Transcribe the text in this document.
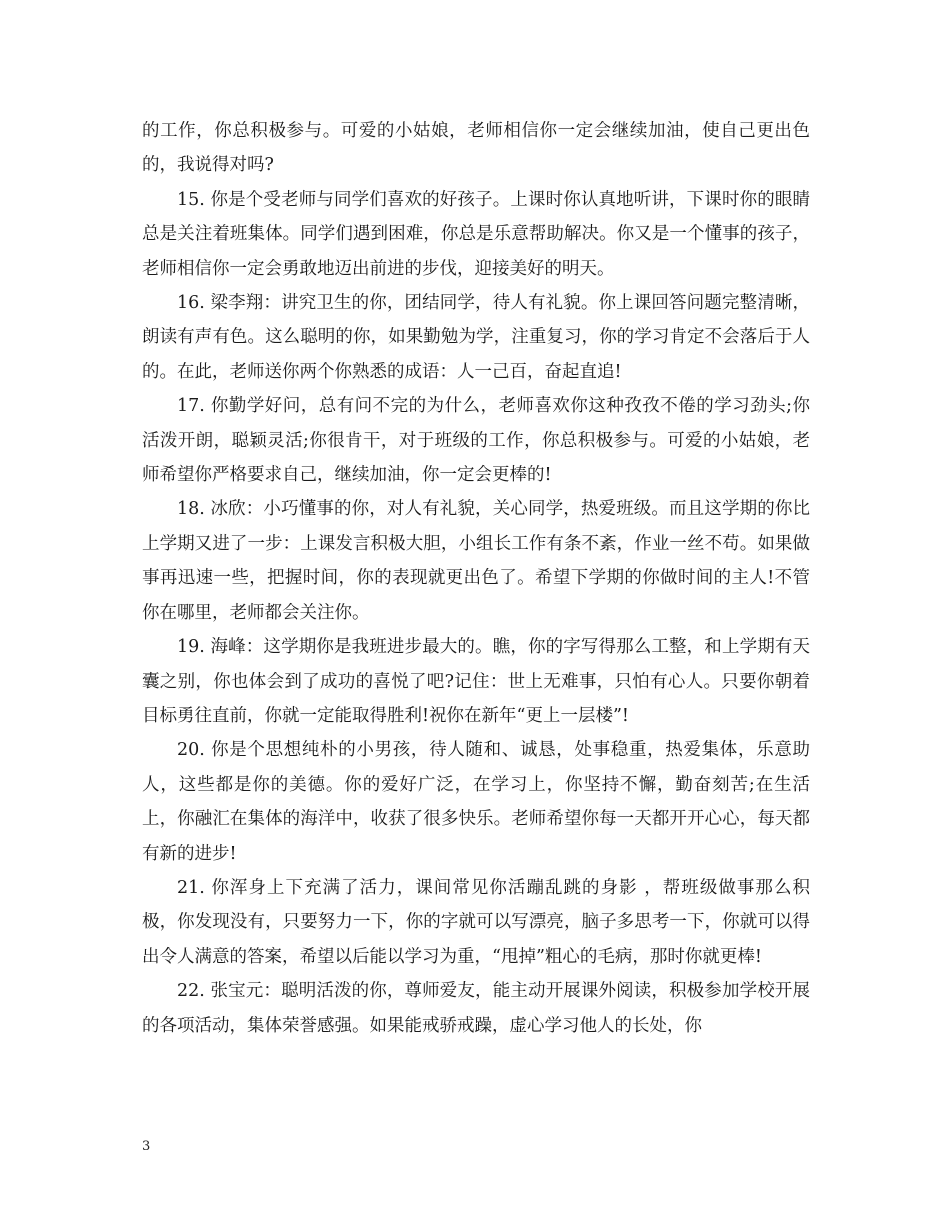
的工作，你总积极参与。可爱的小姑娘，老师相信你一定会继续加油，使自己更出色的，我说得对吗?

15. 你是个受老师与同学们喜欢的好孩子。上课时你认真地听讲，下课时你的眼睛总是关注着班集体。同学们遇到困难，你总是乐意帮助解决。你又是一个懂事的孩子，老师相信你一定会勇敢地迈出前进的步伐，迎接美好的明天。

16. 梁李翔：讲究卫生的你，团结同学，待人有礼貌。你上课回答问题完整清晰，朗读有声有色。这么聪明的你，如果勤勉为学，注重复习，你的学习肯定不会落后于人的。在此，老师送你两个你熟悉的成语：人一己百，奋起直追!

17. 你勤学好问，总有问不完的为什么，老师喜欢你这种孜孜不倦的学习劲头;你活泼开朗，聪颖灵活;你很肯干，对于班级的工作，你总积极参与。可爱的小姑娘，老师希望你严格要求自己，继续加油，你一定会更棒的!

18. 冰欣：小巧懂事的你，对人有礼貌，关心同学，热爱班级。而且这学期的你比上学期又进了一步：上课发言积极大胆，小组长工作有条不紊，作业一丝不苟。如果做事再迅速一些，把握时间，你的表现就更出色了。希望下学期的你做时间的主人!不管你在哪里，老师都会关注你。

19. 海峰：这学期你是我班进步最大的。瞧，你的字写得那么工整，和上学期有天囊之别，你也体会到了成功的喜悦了吧?记住：世上无难事，只怕有心人。只要你朝着目标勇往直前，你就一定能取得胜利!祝你在新年“更上一层楼”!

20. 你是个思想纯朴的小男孩，待人随和、诚恳，处事稳重，热爱集体，乐意助人，这些都是你的美德。你的爱好广泛，在学习上，你坚持不懈，勤奋刻苦;在生活上，你融汇在集体的海洋中，收获了很多快乐。老师希望你每一天都开开心心，每天都有新的进步!

21. 你浑身上下充满了活力，课间常见你活蹦乱跳的身影 ，帮班级做事那么积极，你发现没有，只要努力一下，你的字就可以写漂亮，脑子多思考一下，你就可以得出令人满意的答案，希望以后能以学习为重，“甩掉”粗心的毛病，那时你就更棒!

22. 张宝元：聪明活泼的你，尊师爱友，能主动开展课外阅读，积极参加学校开展的各项活动，集体荣誉感强。如果能戒骄戒躁，虚心学习他人的长处，你

3
